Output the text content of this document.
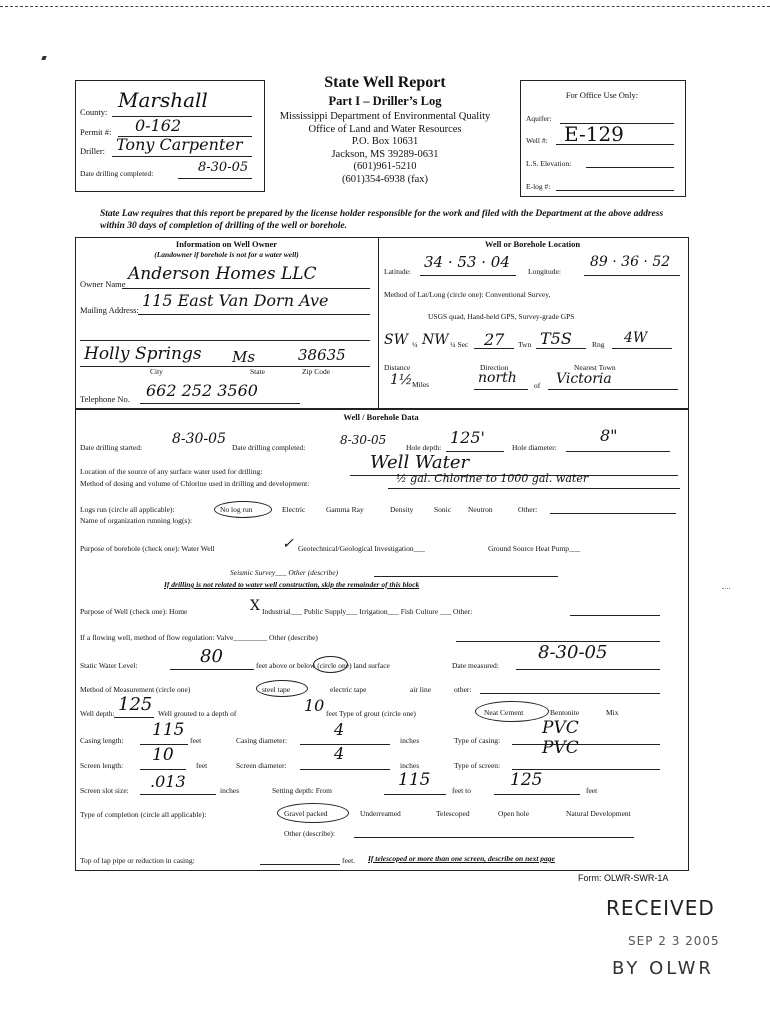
State Well Report
Part I – Driller’s Log
Mississippi Department of Environmental Quality
Office of Land and Water Resources
P.O. Box 10631
Jackson, MS 39289-0631
(601)961-5210
(601)354-6938 (fax)
County: Marshall
Permit #: 0-162
Driller: Tony Carpenter
Date drilling completed:	8-30-05
For Office Use Only:
Aquifer:
Well #: E-129
L.S. Elevation:
E-log #:
State Law requires that this report be prepared by the license holder responsible for the work and filed with the Department at the above address within 30 days of completion of drilling of the well or borehole.
Information on Well Owner
(Landowner if borehole is not for a water well)
Owner Name Anderson Homes LLC
Mailing Address: 115 East Van Dorn Ave
Holly Springs Ms	38635
City	State	Zip Code
Telephone No. 662 252 3560
Well or Borehole Location
Latitude:
34 · 53 · 04
Longitude:
89 · 36 · 52
Method of Lat/Long (circle one): Conventional Survey,
USGS quad, Hand-held GPS, Survey-grade GPS
SW ¼ NW ¼ Sec 27 Twn T5S	Rng 4W
Distance	Direction	Nearest Town
1½ Miles	north of Victoria
Well / Borehole Data
Date drilling started:
8-30-05
Date drilling completed:
8-30-05
Hole depth:
125'
Hole diameter:
8"
Location of the source of any surface water used for drilling:	Well Water
Method of dosing and volume of Chlorine used in drilling and development:	½ gal. Chlorine to 1000 gal. water
Logs run (circle all applicable):	No log run	Electric	Gamma Ray	Density	Sonic Neutron	Other:
Name of organization running log(s):
Purpose of borehole (check one): Water Well	✓ Geotechnical/Geological Investigation___	Ground Source Heat Pump___
Seismic Survey___ Other (describe)
If drilling is not related to water well construction, skip the remainder of this block
Purpose of Well (check one): Home	X Industrial___ Public Supply___ Irrigation___ Fish Culture ___ Other:
If a flowing well, method of flow regulation: Valve_________ Other (describe)
Static Water Level:	80	feet above or below (circle one) land surface	Date measured:
8-30-05
Method of Measurement (circle one)	steel tape	electric tape	air line	other:
Well depth: 125 Well grouted to a depth of	10 feet Type of grout (circle one)	Neat Cement	Bentonite	Mix
Casing length:
115
feet	Casing diameter:
4
inches	Type of casing:
PVC
Screen length:
10
feet	Screen diameter:
4
inches	Type of screen:
PVC
Screen slot size: .013	inches	Setting depth: From
115
feet to
125
feet
Type of completion (circle all applicable):	Gravel packed	Underreamed	Telescoped	Open hole	Natural Development
Other (describe):
Top of lap pipe or reduction in casing:	feet. If telescoped or more than one screen, describe on next page
Form: OLWR-SWR-1A
RECEIVED
SEP 2 3 2005
BY OLWR
